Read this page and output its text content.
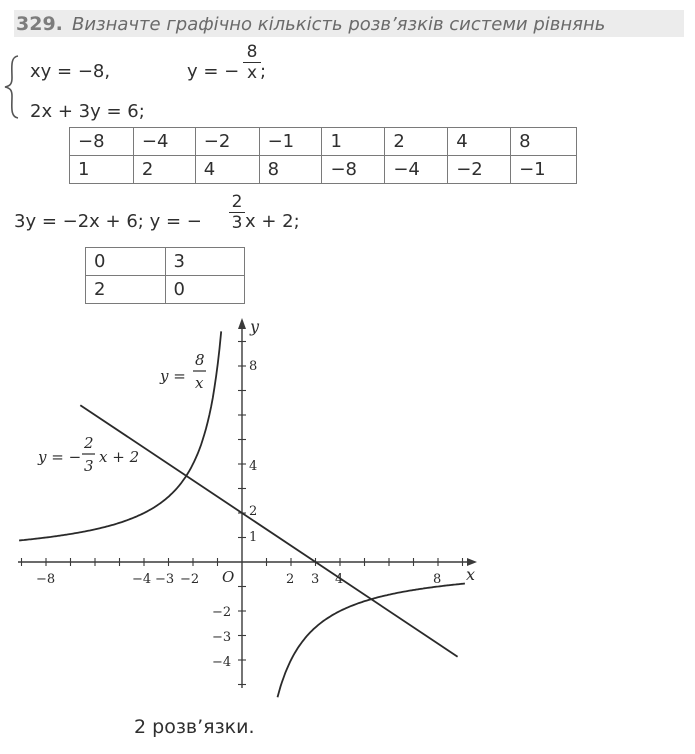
329. Визначте графічно кількість розв’язків системи рівнянь
xy = −8,	y = −
8
x ;
2x + 3y = 6;
−8	−4	−2	−1	1	2	4	8
1	2	4	8	−8	−4	−2	−1
3y = −2x + 6; y = −
2
3 x + 2;
0	3
2	0
x
y
O
−8	−4 −3 −2	2 3 4	8
8
4
2
1
−2
−3
−4
y =
8
x
y = −
2
3 x + 2
2 розв’язки.
